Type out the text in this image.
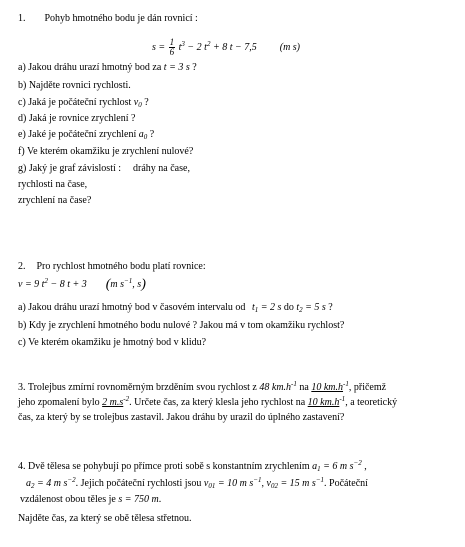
1. Pohyb hmotného bodu je dán rovnicí :
$s = \frac{1}{6} t^3 - 2$ $t^2 + 8$ t − 7,5 (m s)
a) Jakou dráhu urazí hmotný bod za t = 3 s ?
b) Najděte rovnici rychlosti.
c) Jaká je počáteční rychlost $v_0$ ?
d) Jaká je rovnice zrychlení ?
e) Jaké je počáteční zrychlení $a_0$ ?
f) Ve kterém okamžiku je zrychlení nulové?
g) Jaký je graf závislostí : dráhy na čase,
rychlosti na čase,
zrychlení na čase?
2. Pro rychlost hmotného bodu platí rovnice:
v = 9 $t^2 - 8$ t + 3 (m $s^{-1}$, s)
a) Jakou dráhu urazí hmotný bod v časovém intervalu od $t_1 = 2$ s do $t_2 = 5$ s ?
b) Kdy je zrychlení hmotného bodu nulové ? Jakou má v tom okamžiku rychlost?
c) Ve kterém okamžiku je hmotný bod v klidu?
3. Trolejbus zmírní rovnoměrným brzděním svou rychlost z 48 $km.h^{-1}$ na 10 $km.h^{-1}$, přičemž
jeho zpomalení bylo 2 $m.s^{-2}$. Určete čas, za který klesla jeho rychlost na 10 $km.h^{-1}$, a teoretický
čas, za který by se trolejbus zastavil. Jakou dráhu by urazil do úplného zastavení?
4. Dvě tělesa se pohybují po přímce proti sobě s konstantním zrychlením $a_1 = 6$ m $s^{-2}$ ,
$a_2 = 4$ m $s^{-2}$. Jejich počáteční rychlosti jsou $v_{01} = 10$ m $s^{-1}$, $v_{02} = 15$ m $s^{-1}$. Počáteční
vzdálenost obou těles je s = 750 m.
Najděte čas, za který se obě tělesa střetnou.
